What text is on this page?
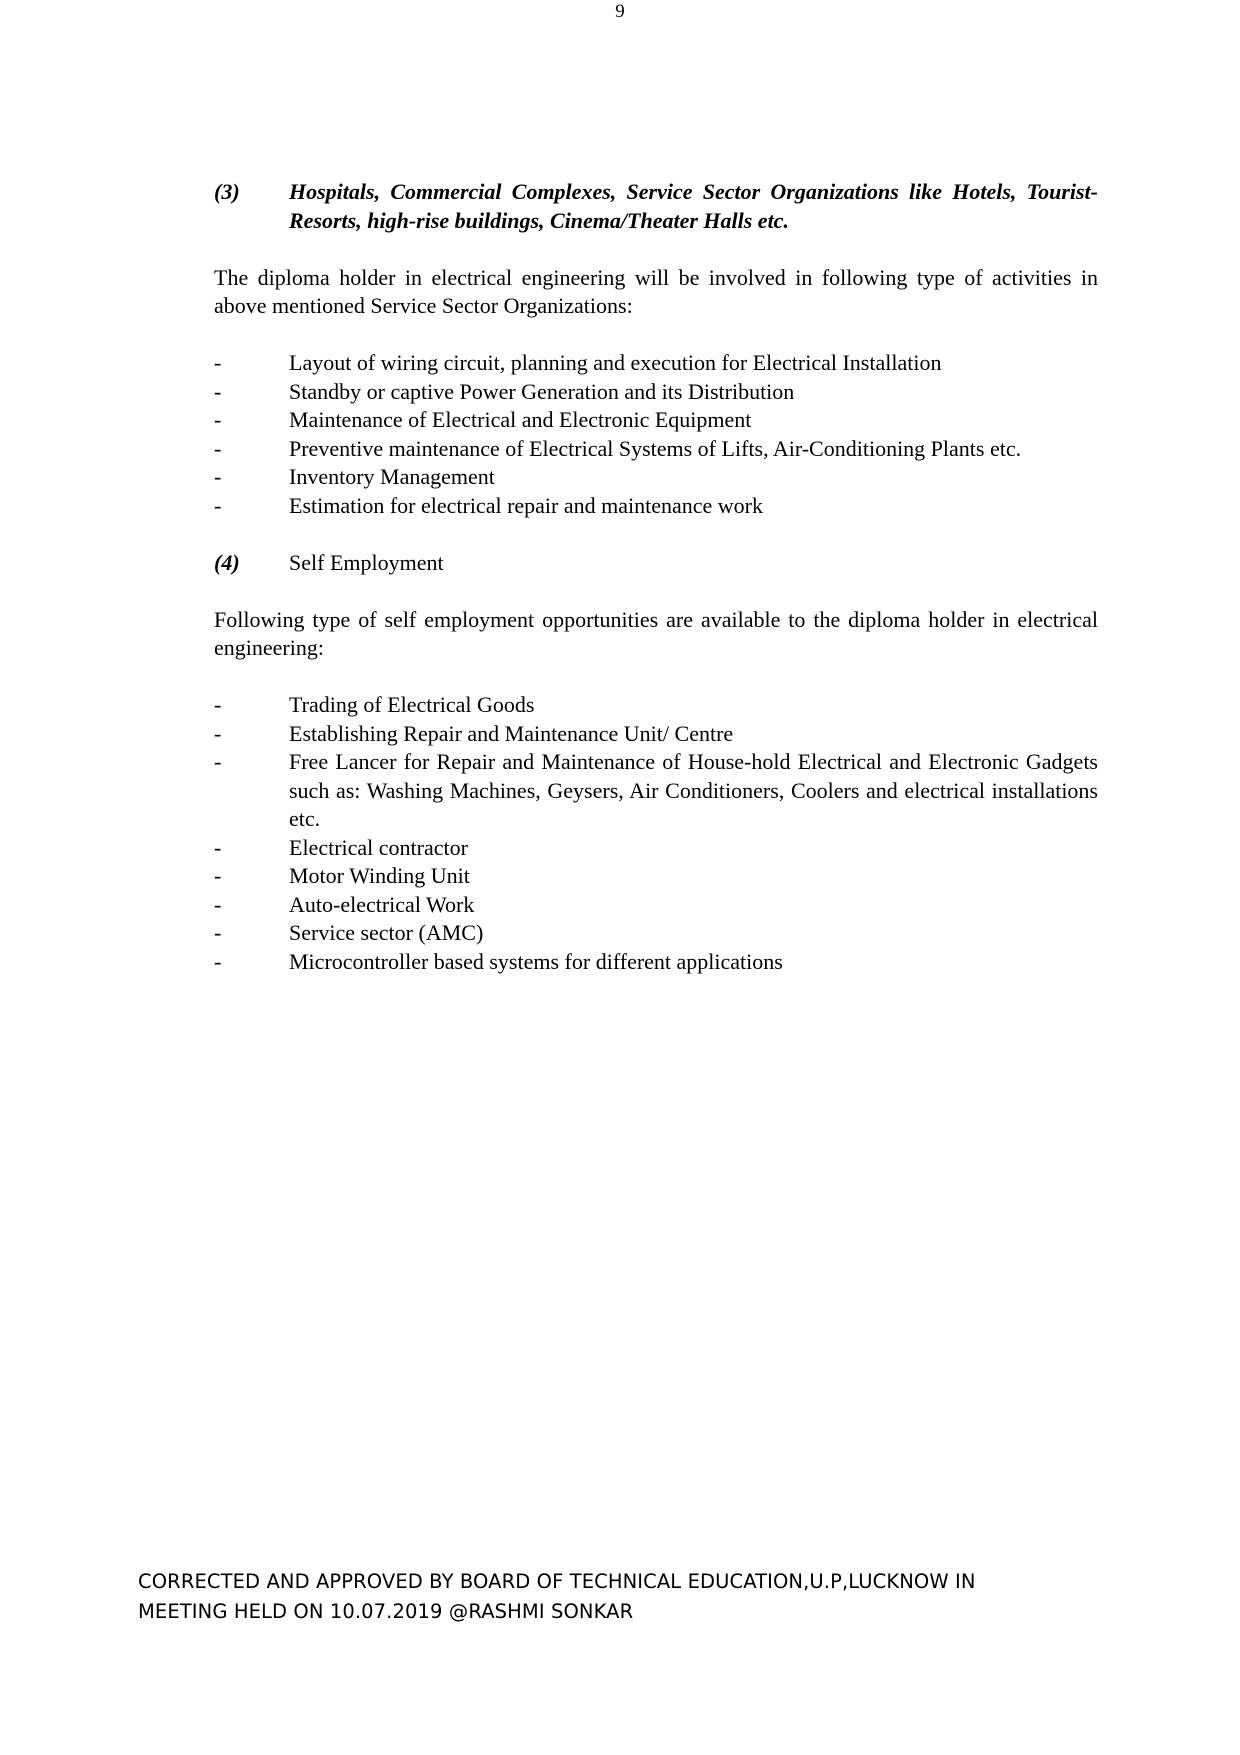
9
(3)	Hospitals, Commercial Complexes, Service Sector Organizations like Hotels, Tourist-Resorts, high-rise buildings, Cinema/Theater Halls etc.

The diploma holder in electrical engineering will be involved in following type of activities in above mentioned Service Sector Organizations:

-	Layout of wiring circuit, planning and execution for Electrical Installation
-	Standby or captive Power Generation and its Distribution
-	Maintenance of Electrical and Electronic Equipment
-	Preventive maintenance of Electrical Systems of Lifts, Air-Conditioning Plants etc.
-	Inventory Management
-	Estimation for electrical repair and maintenance work
(4)	Self Employment

Following type of self employment opportunities are available to the diploma holder in electrical engineering:

-	Trading of Electrical Goods
-	Establishing Repair and Maintenance Unit/ Centre
-	Free Lancer for Repair and Maintenance of House-hold Electrical and Electronic Gadgets such as: Washing Machines, Geysers, Air Conditioners, Coolers and electrical installations etc.
-	Electrical contractor
-	Motor Winding Unit
-	Auto-electrical Work
-	Service sector (AMC)
-	Microcontroller based systems for different applications
CORRECTED AND APPROVED BY BOARD OF TECHNICAL EDUCATION,U.P,LUCKNOW IN
MEETING HELD ON 10.07.2019 @RASHMI SONKAR
